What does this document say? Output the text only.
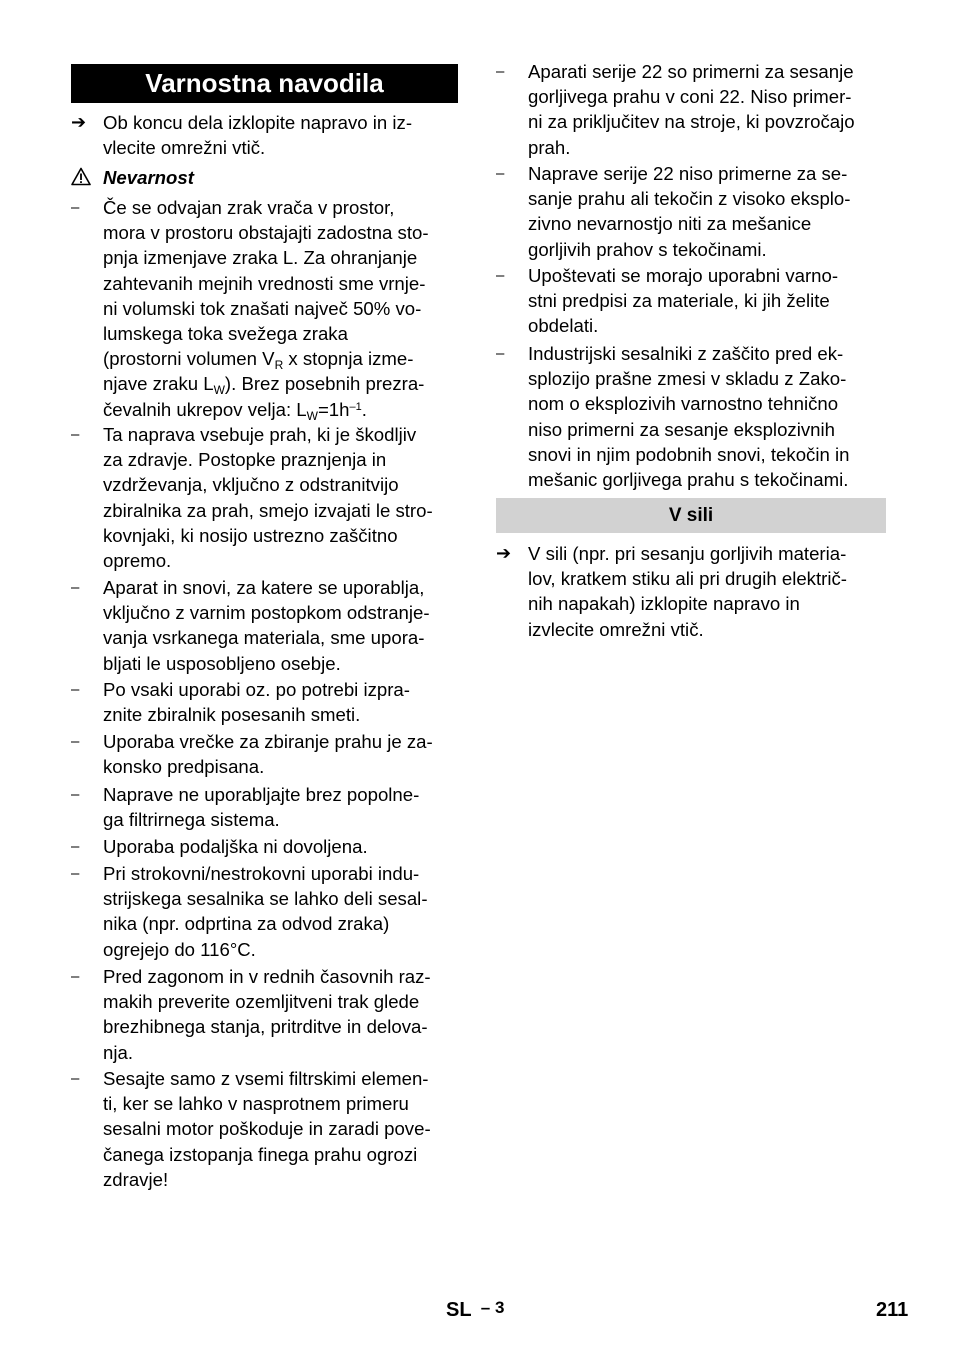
Varnostna navodila
➔ Ob koncu dela izklopite napravo in iz-
vlecite omrežni vtič.
Nevarnost
–	Če se odvajan zrak vrača v prostor,
mora v prostoru obstajajti zadostna sto-
pnja izmenjave zraka L. Za ohranjanje
zahtevanih mejnih vrednosti sme vrnje-
ni volumski tok znašati največ 50% vo-
lumskega toka svežega zraka
(prostorni volumen $V_R$ x stopnja izme-
njave zraku $L_W$). Brez posebnih prezra-
čevalnih ukrepov velja: $L_W=1h^{-1}$.
–	Ta naprava vsebuje prah, ki je škodljiv
za zdravje. Postopke praznjenja in
vzdrževanja, vključno z odstranitvijo
zbiralnika za prah, smejo izvajati le stro-
kovnjaki, ki nosijo ustrezno zaščitno
opremo.
–	Aparat in snovi, za katere se uporablja,
vključno z varnim postopkom odstranje-
vanja vsrkanega materiala, sme upora-
bljati le usposobljeno osebje.
–	Po vsaki uporabi oz. po potrebi izpra-
znite zbiralnik posesanih smeti.
–	Uporaba vrečke za zbiranje prahu je za-
konsko predpisana.
–	Naprave ne uporabljajte brez popolne-
ga filtrirnega sistema.
–	Uporaba podaljška ni dovoljena.
–	Pri strokovni/nestrokovni uporabi indu-
strijskega sesalnika se lahko deli sesal-
nika (npr. odprtina za odvod zraka)
ogrejejo do 116°C.
–	Pred zagonom in v rednih časovnih raz-
makih preverite ozemljitveni trak glede
brezhibnega stanja, pritrditve in delova-
nja.
–	Sesajte samo z vsemi filtrskimi elemen-
ti, ker se lahko v nasprotnem primeru
sesalni motor poškoduje in zaradi pove-
čanega izstopanja finega prahu ogrozi
zdravje!
–	Aparati serije 22 so primerni za sesanje
gorljivega prahu v coni 22. Niso primer-
ni za priključitev na stroje, ki povzročajo
prah.
–	Naprave serije 22 niso primerne za se-
sanje prahu ali tekočin z visoko eksplo-
zivno nevarnostjo niti za mešanice
gorljivih prahov s tekočinami.
–	Upoštevati se morajo uporabni varno-
stni predpisi za materiale, ki jih želite
obdelati.
–	Industrijski sesalniki z zaščito pred ek-
splozijo prašne zmesi v skladu z Zako-
nom o eksplozivih varnostno tehnično
niso primerni za sesanje eksplozivnih
snovi in njim podobnih snovi, tekočin in
mešanic gorljivega prahu s tekočinami.
V sili
➔ V sili (npr. pri sesanju gorljivih materia-
lov, kratkem stiku ali pri drugih električ-
nih napakah) izklopite napravo in
izvlecite omrežni vtič.
SL – 3	211
